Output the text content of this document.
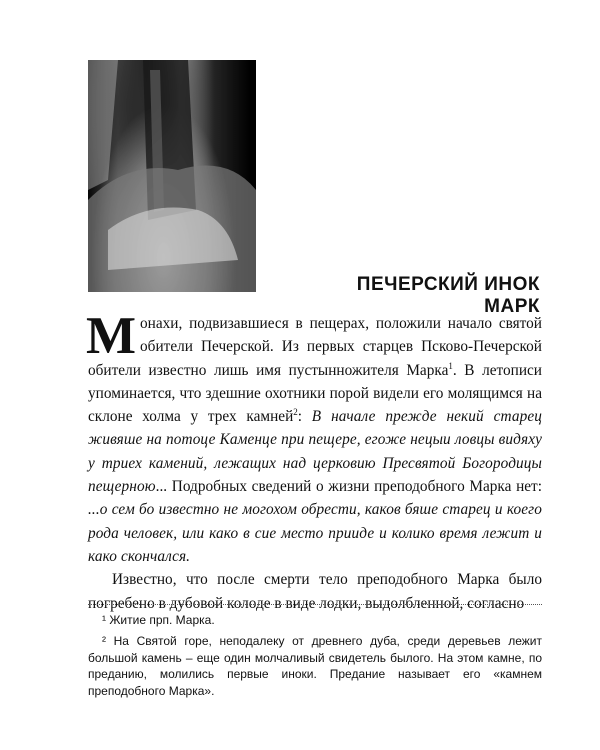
ПЕЧЕРСКИЙ ИНОК МАРК

Монахи, подвизавшиеся в пещерах, положили начало святой обители Печерской. Из первых старцев Псково-Печерской обители известно лишь имя пустынножителя Марка$^1$. В летописи упоминается, что здешние охотники порой видели его молящимся на склоне холма у трех камней$^2$: В начале прежде некий старец живяше на потоце Каменце при пещере, егоже нецыи ловцы видяху у триех камений, лежащих над церковию Пресвятой Богородицы пещерною... Подробных сведений о жизни преподобного Марка нет: ...о сем бо известно не могохом обрести, каков бяше старец и коего рода человек, или како в сие место прииде и колико время лежит и како скончался.

Известно, что после смерти тело преподобного Марка было погребено в дубовой колоде в виде лодки, выдолбленной, согласно

¹ Житие прп. Марка.

² На Святой горе, неподалеку от древнего дуба, среди деревьев лежит большой камень – еще один молчаливый свидетель былого. На этом камне, по преданию, молились первые иноки. Предание называет его «камнем преподобного Марка».
